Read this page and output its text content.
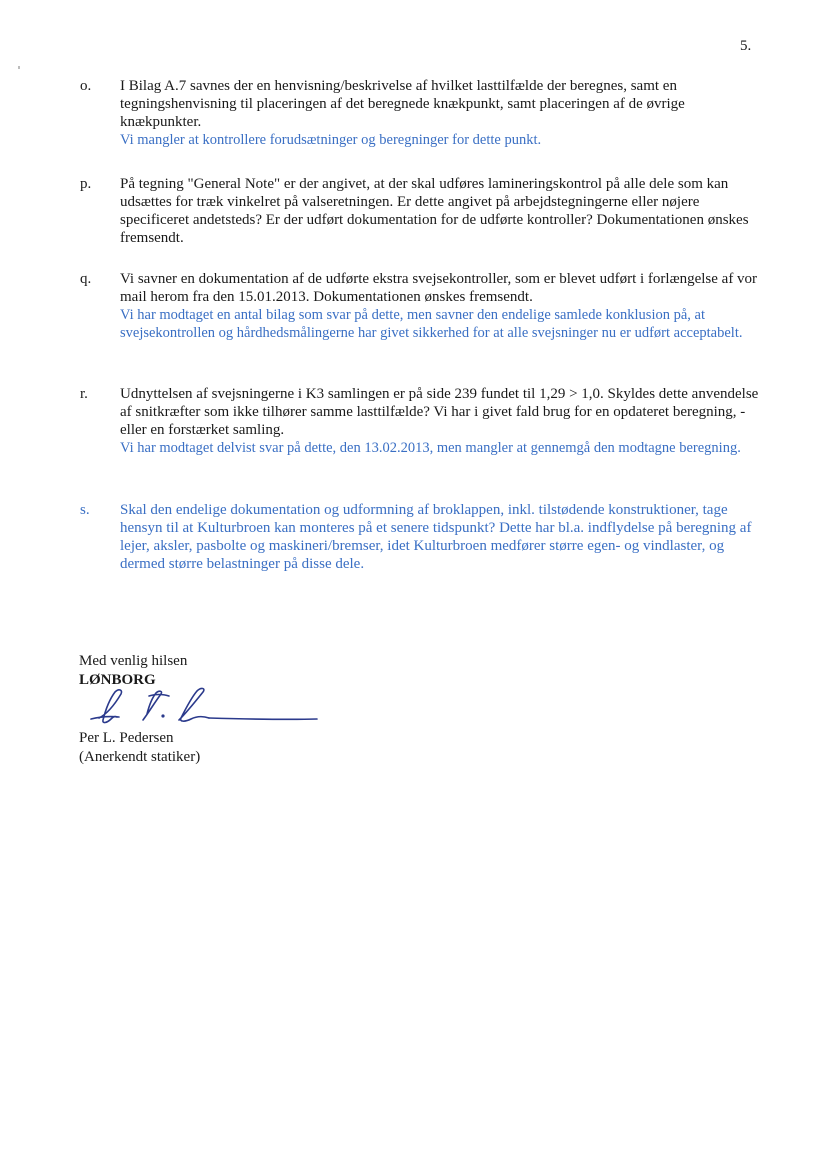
5.
o.	I Bilag A.7 savnes der en henvisning/beskrivelse af hvilket lasttilfælde der beregnes, samt en tegningshenvisning til placeringen af det beregnede knækpunkt, samt placeringen af de øvrige knækpunkter.
Vi mangler at kontrollere forudsætninger og beregninger for dette punkt.
p.	På tegning "General Note" er der angivet, at der skal udføres lamineringskontrol på alle dele som kan udsættes for træk vinkelret på valseretningen. Er dette angivet på arbejdstegningerne eller nøjere specificeret andetsteds? Er der udført dokumentation for de udførte kontroller? Dokumentationen ønskes fremsendt.
q.	Vi savner en dokumentation af de udførte ekstra svejsekontroller, som er blevet udført i forlængelse af vor mail herom fra den 15.01.2013. Dokumentationen ønskes fremsendt.
Vi har modtaget en antal bilag som svar på dette, men savner den endelige samlede konklusion på, at svejsekontrollen og hårdhedsmålingerne har givet sikkerhed for at alle svejsninger nu er udført acceptabelt.
r.	Udnyttelsen af svejsningerne i K3 samlingen er på side 239 fundet til 1,29 > 1,0. Skyldes dette anvendelse af snitkræfter som ikke tilhører samme lasttilfælde? Vi har i givet fald brug for en opdateret beregning, - eller en forstærket samling.
Vi har modtaget delvist svar på dette, den 13.02.2013, men mangler at gennemgå den modtagne beregning.
s.	Skal den endelige dokumentation og udformning af broklappen, inkl. tilstødende konstruktioner, tage hensyn til at Kulturbroen kan monteres på et senere tidspunkt? Dette har bl.a. indflydelse på beregning af lejer, aksler, pasbolte og maskineri/bremser, idet Kulturbroen medfører større egen- og vindlaster, og dermed større belastninger på disse dele.
Med venlig hilsen
LØNBORG
Per L. Pedersen
(Anerkendt statiker)
